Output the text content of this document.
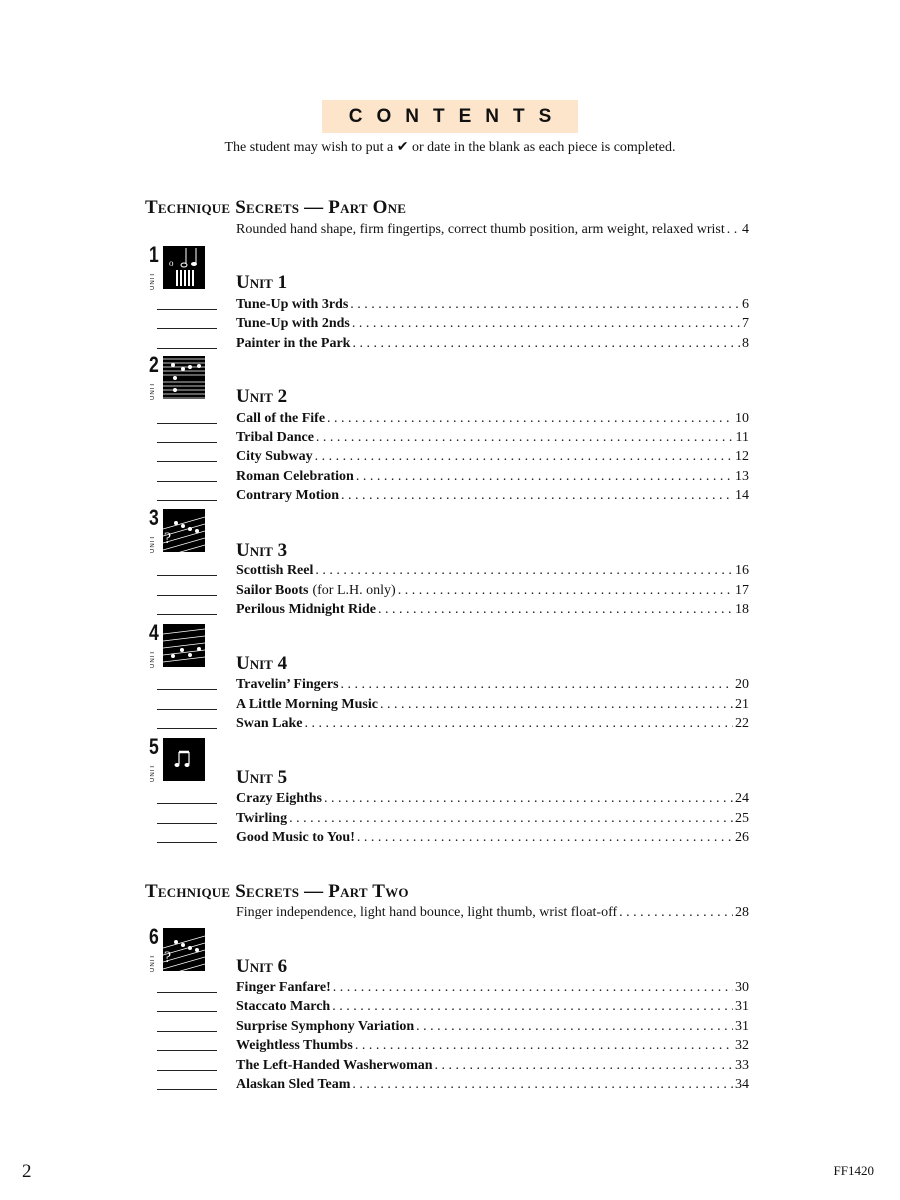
CONTENTS
The student may wish to put a ✔ or date in the blank as each piece is completed.
Technique Secrets — Part One
Rounded hand shape, firm fingertips, correct thumb position, arm weight, relaxed wrist . . . 4
1
UNIT
o
Unit 1
Tune-Up with 3rds . . .	6
Tune-Up with 2nds . . .	7
Painter in the Park . . .	8
2
UNIT	Unit 2
Call of the Fife . . .	10
Tribal Dance . . .	11
City Subway . . .	12
Roman Celebration . . .	13
Contrary Motion . . .	14
3
UNIT ?
Unit 3
Scottish Reel . . .	16
Sailor Boots (for L.H. only) . . .	17
Perilous Midnight Ride . . .	18
4
UNIT	Unit 4
Travelin’ Fingers . . .	20
A Little Morning Music . . .	21
Swan Lake . . .	22
5
UNIT	Unit 5
Crazy Eighths . . .	24
Twirling . . .	25
Good Music to You! . . .	26
6
UNIT ?	Unit 6
Finger Fanfare! . . .	30
Staccato March . . .	31
Surprise Symphony Variation . . .	31
Weightless Thumbs . . .	32
The Left-Handed Washerwoman . . .	33
Alaskan Sled Team . . .	34
Technique Secrets — Part Two
Finger independence, light hand bounce, light thumb, wrist float-off . . .	28
2	FF1420
